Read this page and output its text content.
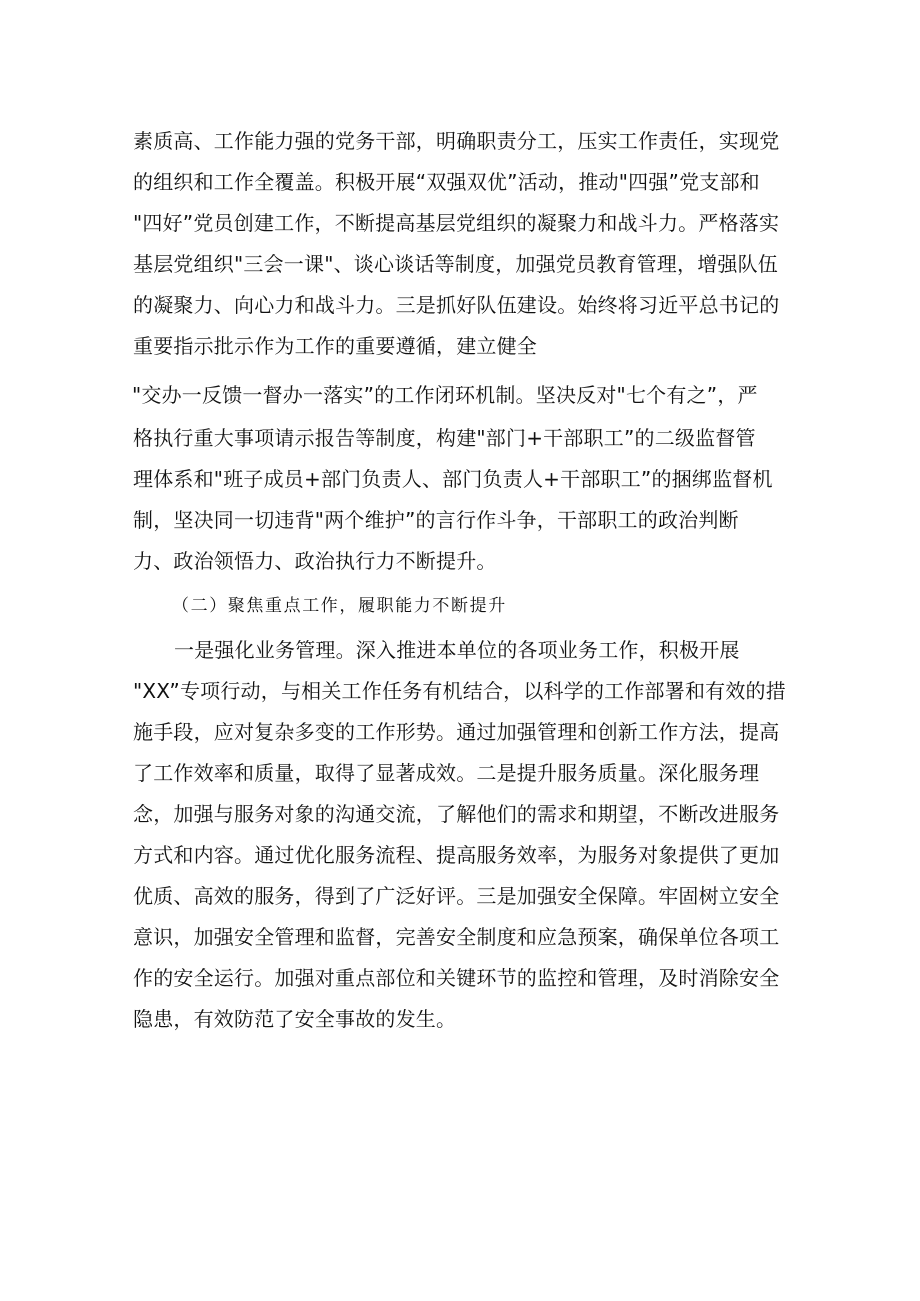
素质高、工作能力强的党务干部，明确职责分工，压实工作责任，实现党
的组织和工作全覆盖。积极开展“双强双优”活动，推动"四强”党支部和
"四好”党员创建工作，不断提高基层党组织的凝聚力和战斗力。严格落实
基层党组织"三会一课"、谈心谈话等制度，加强党员教育管理，增强队伍
的凝聚力、向心力和战斗力。三是抓好队伍建设。始终将习近平总书记的
重要指示批示作为工作的重要遵循，建立健全
"交办一反馈一督办一落实”的工作闭环机制。坚决反对"七个有之”，严
格执行重大事项请示报告等制度，构建"部门+干部职工”的二级监督管
理体系和"班子成员+部门负责人、部门负责人+干部职工”的捆绑监督机
制，坚决同一切违背"两个维护”的言行作斗争，干部职工的政治判断
力、政治领悟力、政治执行力不断提升。
（二）聚焦重点工作，履职能力不断提升
一是强化业务管理。深入推进本单位的各项业务工作，积极开展
"XX”专项行动，与相关工作任务有机结合，以科学的工作部署和有效的措
施手段，应对复杂多变的工作形势。通过加强管理和创新工作方法，提高
了工作效率和质量，取得了显著成效。二是提升服务质量。深化服务理
念，加强与服务对象的沟通交流，了解他们的需求和期望，不断改进服务
方式和内容。通过优化服务流程、提高服务效率，为服务对象提供了更加
优质、高效的服务，得到了广泛好评。三是加强安全保障。牢固树立安全
意识，加强安全管理和监督，完善安全制度和应急预案，确保单位各项工
作的安全运行。加强对重点部位和关键环节的监控和管理，及时消除安全
隐患，有效防范了安全事故的发生。
